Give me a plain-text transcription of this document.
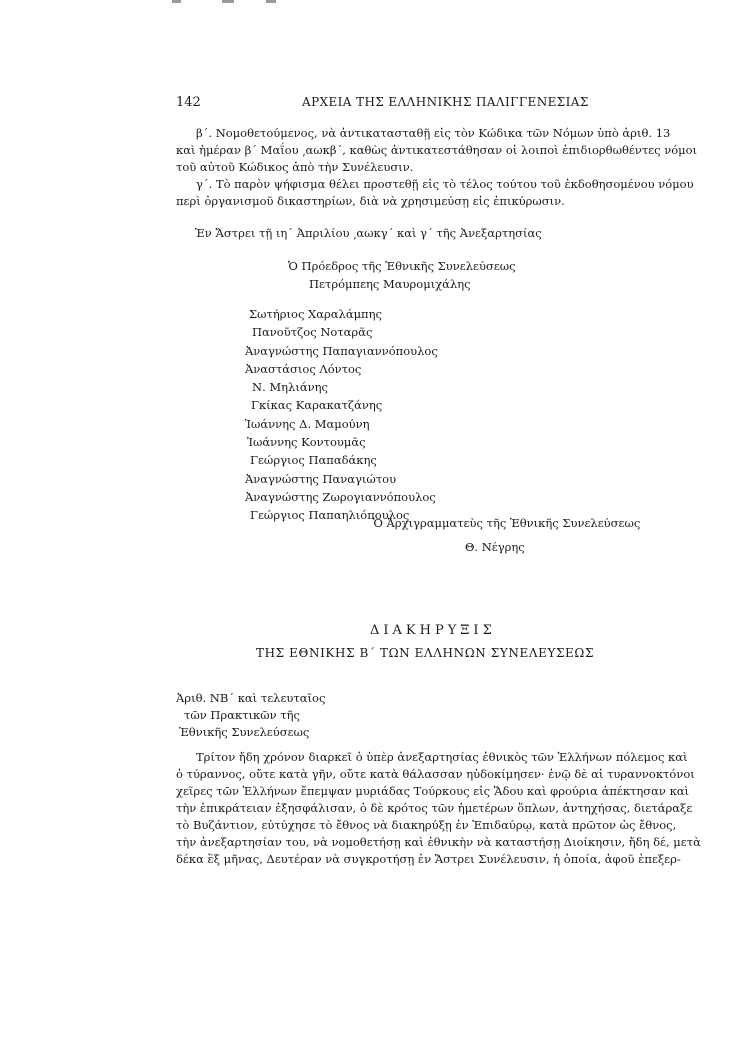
142	ΑΡΧΕΙΑ ΤΗΣ ΕΛΛΗΝΙΚΗΣ ΠΑΛΙΓΓΕΝΕΣΙΑΣ
β΄. Νομοθετούμενος, νὰ ἀντικατασταθῇ εἰς τὸν Κώδικα τῶν Νόμων ὑπὸ ἀριθ. 13
καὶ ἡμέραν β΄ Μαΐου ͵αωκβ΄, καθὼς ἀντικατεστάθησαν οἱ λοιποὶ ἐπιδιορθωθέντες νόμοι
τοῦ αὐτοῦ Κώδικος ἀπὸ τὴν Συνέλευσιν.
γ΄. Τὸ παρὸν ψήφισμα θέλει προστεθῇ εἰς τὸ τέλος τούτου τοῦ ἐκδοθησομένου νόμου
περὶ ὀργανισμοῦ δικαστηρίων, διὰ νὰ χρησιμεύσῃ εἰς ἐπικύρωσιν.
Ἐν Ἄστρει τῇ ιη΄ Ἀπριλίου ͵αωκγ΄ καὶ γ΄ τῆς Ἀνεξαρτησίας
Ὁ Πρόεδρος τῆς Ἐθνικῆς Συνελεύσεως
Πετρόμπεης Μαυρομιχάλης
Σωτήριος Χαραλάμπης
Πανοῦτζος Νοταρᾶς
Ἀναγνώστης Παπαγιαννόπουλος
Ἀναστάσιος Λόντος
Ν. Μηλιάνης
Γκίκας Καρακατζάνης
Ἰωάννης Δ. Μαμούνη
Ἰωάννης Κοντουμᾶς
Γεώργιος Παπαδάκης
Ἀναγνώστης Παναγιώτου
Ἀναγνώστης Ζωρογιαννόπουλος
Γεώργιος Παπαηλιόπουλος
Ὁ Ἀρχιγραμματεὺς τῆς Ἐθνικῆς Συνελεύσεως
Θ. Νέγρης
ΔΙΑΚΗΡΥΞΙΣ
ΤΗΣ ΕΘΝΙΚΗΣ Β΄ ΤΩΝ ΕΛΛΗΝΩΝ ΣΥΝΕΛΕΥΣΕΩΣ
Ἀριθ. ΝΒ΄ καὶ τελευταῖος
τῶν Πρακτικῶν τῆς
Ἐθνικῆς Συνελεύσεως
Τρίτον ἤδη χρόνον διαρκεῖ ὁ ὑπὲρ ἀνεξαρτησίας ἐθνικὸς τῶν Ἑλλήνων πόλεμος καὶ
ὁ τύραννος, οὔτε κατὰ γῆν, οὔτε κατὰ θάλασσαν ηὐδοκίμησεν· ἐνῷ δὲ αἱ τυραννοκτόνοι
χεῖρες τῶν Ἑλλήνων ἔπεμψαν μυριάδας Τούρκους εἰς Ἅδου καὶ φρούρια ἀπέκτησαν καὶ
τὴν ἐπικράτειαν ἐξησφάλισαν, ὁ δὲ κρότος τῶν ἡμετέρων ὅπλων, ἀντηχήσας, διετάραξε
τὸ Βυζάντιον, εὐτύχησε τὸ ἔθνος νὰ διακηρύξῃ ἐν Ἐπιδαύρῳ, κατὰ πρῶτον ὡς ἔθνος,
τὴν ἀνεξαρτησίαν του, νὰ νομοθετήσῃ καὶ ἐθνικὴν νὰ καταστήσῃ Διοίκησιν, ἤδη δέ, μετὰ
δέκα ἓξ μῆνας, Δευτέραν νὰ συγκροτήσῃ ἐν Ἄστρει Συνέλευσιν, ἡ ὁποία, ἀφοῦ ἐπεξερ-
